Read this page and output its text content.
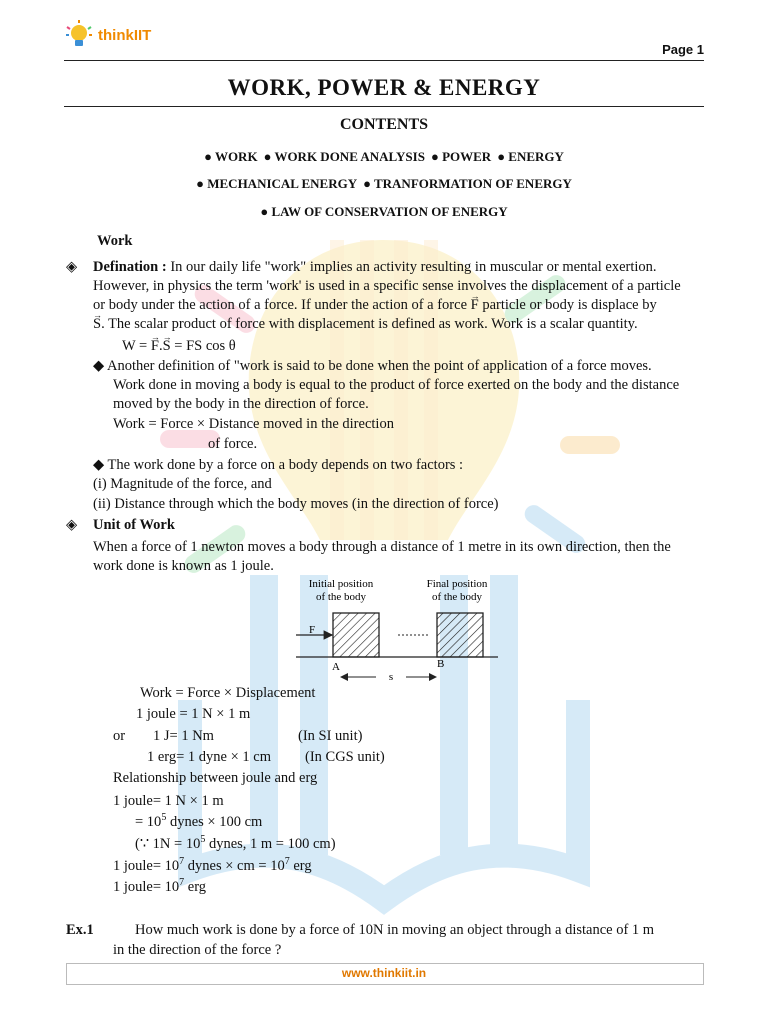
thinkIIT
Page 1
WORK, POWER & ENERGY
CONTENTS
● WORK ● WORK DONE ANALYSIS ● POWER ● ENERGY
● MECHANICAL ENERGY ● TRANFORMATION OF ENERGY
● LAW OF CONSERVATION OF ENERGY
Work
◈ Defination : In our daily life "work" implies an activity resulting in muscular or mental exertion.
However, in physics the term 'work' is used in a specific sense involves the displacement of a particle
or body under the action of a force. If under the action of a force → F particle or body is displace by
→ S. The scalar product of force with displacement is defined as work. Work is a scalar quantity.
W = → F.→ S = FS cos θ
◆ Another definition of "work is said to be done when the point of application of a force moves.
Work done in moving a body is equal to the product of force exerted on the body and the distance
moved by the body in the direction of force.
Work = Force × Distance moved in the direction
of force.
◆ The work done by a force on a body depends on two factors :
(i) Magnitude of the force, and
(ii) Distance through which the body moves (in the direction of force)
◈ Unit of Work
When a force of 1 newton moves a body through a distance of 1 metre in its own direction, then the
work done is known as 1 joule.
Initial position
of the body
Final position
of the body
F
A	B
s
Work = Force × Displacement
1 joule = 1 N × 1 m
or 1 J= 1 Nm	(In SI unit)
1 erg= 1 dyne × 1 cm (In CGS unit)
Relationship between joule and erg
1 joule= 1 N × 1 m
= $10^5$ dynes × 100 cm
(∵ $1N = 10^5$ dynes, 1 m = 100 cm)
1 joule= $10^7$ dynes × cm = $10^7$ erg
1 joule= $10^7$ erg
Ex.1	How much work is done by a force of 10N in moving an object through a distance of 1 m
in the direction of the force ?
www.thinkiit.in
